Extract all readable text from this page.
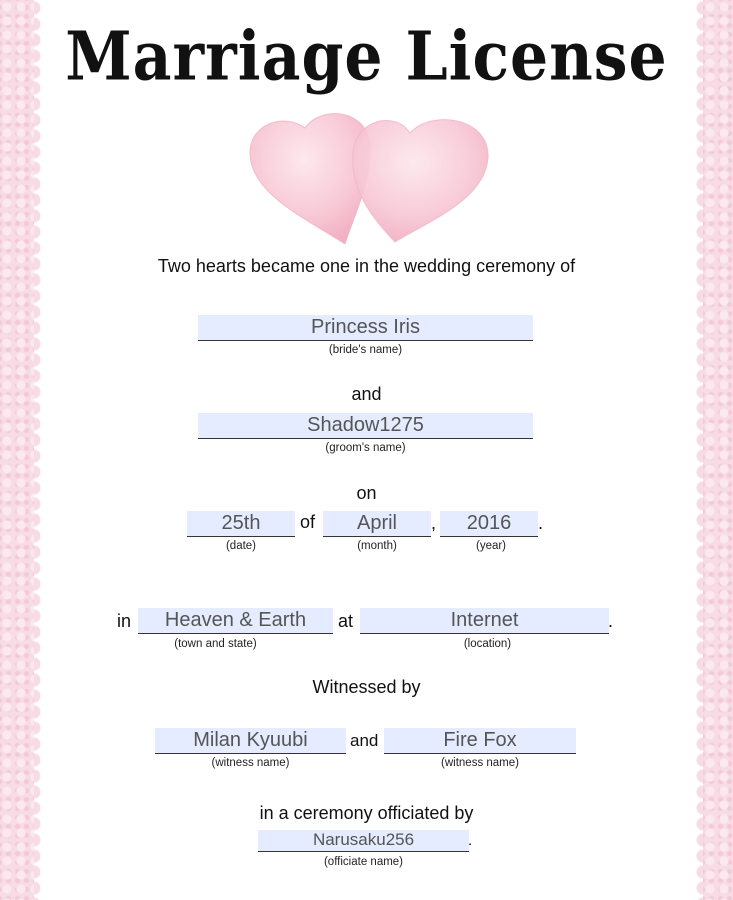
Marriage License
Two hearts became one in the wedding ceremony of
Princess Iris
(bride's name)
and
Shadow1275
(groom's name)
on
25th
(date)
of	April
(month)
,	2016
(year)
.
in	Heaven & Earth
(town and state)
at	Internet
(location)
.
Witnessed by
Milan Kyuubi
(witness name)
and	Fire Fox
(witness name)
in a ceremony officiated by
Narusaku256	.
(officiate name)
